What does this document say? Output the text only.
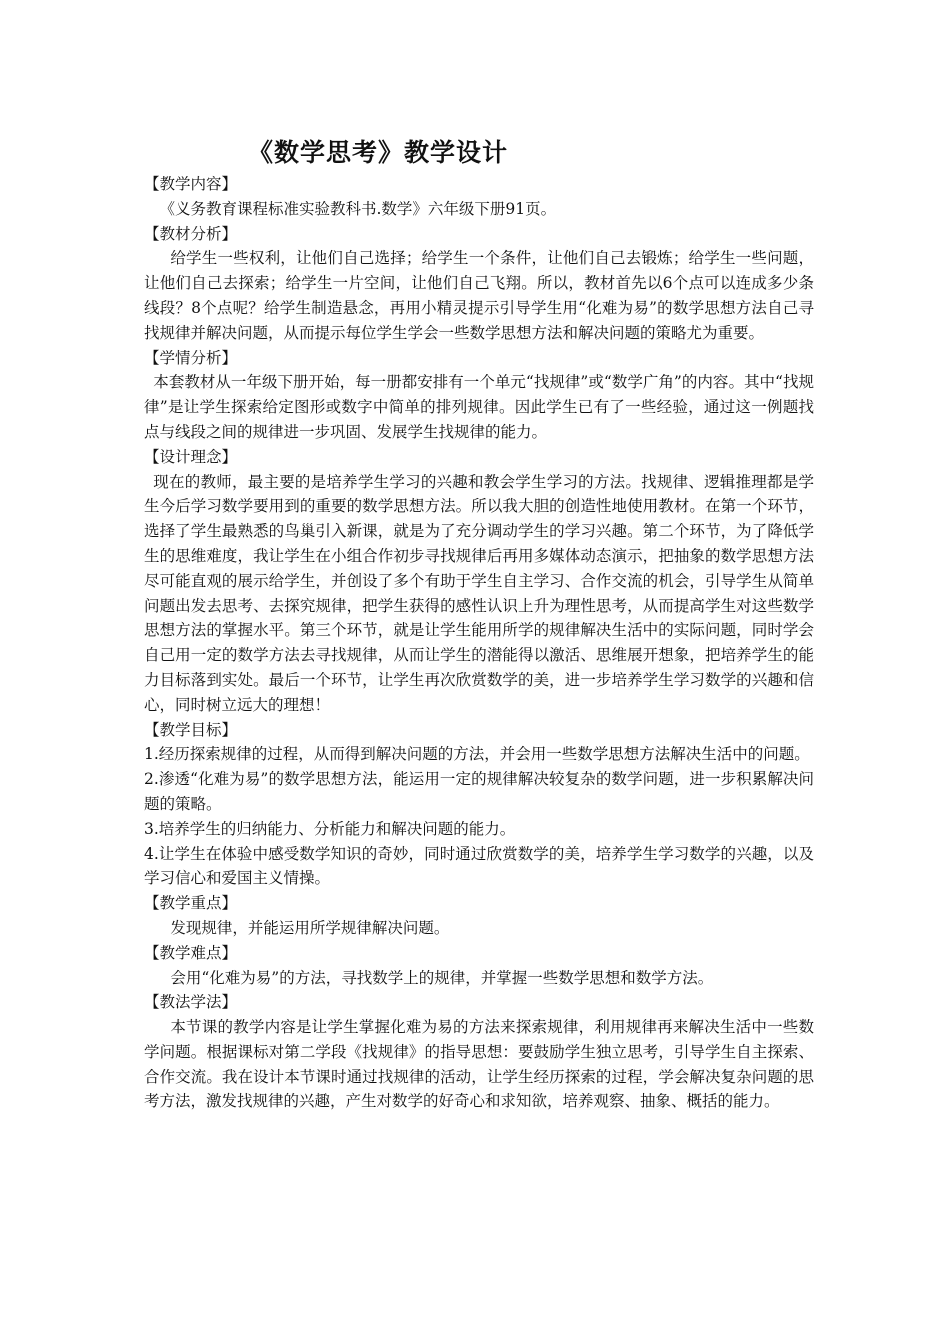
《数学思考》教学设计

【教学内容】

《义务教育课程标准实验教科书.数学》六年级下册91页。

【教材分析】

给学生一些权利，让他们自己选择；给学生一个条件，让他们自己去锻炼；给学生一些问题，让他们自己去探索；给学生一片空间，让他们自己飞翔。所以，教材首先以6个点可以连成多少条线段？8个点呢？给学生制造悬念，再用小精灵提示引导学生用“化难为易”的数学思想方法自己寻找规律并解决问题，从而提示每位学生学会一些数学思想方法和解决问题的策略尤为重要。

【学情分析】

本套教材从一年级下册开始，每一册都安排有一个单元“找规律”或“数学广角”的内容。其中“找规律”是让学生探索给定图形或数字中简单的排列规律。因此学生已有了一些经验，通过这一例题找点与线段之间的规律进一步巩固、发展学生找规律的能力。

【设计理念】

现在的教师，最主要的是培养学生学习的兴趣和教会学生学习的方法。找规律、逻辑推理都是学生今后学习数学要用到的重要的数学思想方法。所以我大胆的创造性地使用教材。在第一个环节，选择了学生最熟悉的鸟巢引入新课，就是为了充分调动学生的学习兴趣。第二个环节，为了降低学生的思维难度，我让学生在小组合作初步寻找规律后再用多媒体动态演示，把抽象的数学思想方法尽可能直观的展示给学生，并创设了多个有助于学生自主学习、合作交流的机会，引导学生从简单问题出发去思考、去探究规律，把学生获得的感性认识上升为理性思考，从而提高学生对这些数学思想方法的掌握水平。第三个环节，就是让学生能用所学的规律解决生活中的实际问题，同时学会自己用一定的数学方法去寻找规律，从而让学生的潜能得以激活、思维展开想象，把培养学生的能力目标落到实处。最后一个环节，让学生再次欣赏数学的美，进一步培养学生学习数学的兴趣和信心，同时树立远大的理想！

【教学目标】

1.经历探索规律的过程，从而得到解决问题的方法，并会用一些数学思想方法解决生活中的问题。

2.渗透“化难为易”的数学思想方法，能运用一定的规律解决较复杂的数学问题，进一步积累解决问题的策略。

3.培养学生的归纳能力、分析能力和解决问题的能力。

4.让学生在体验中感受数学知识的奇妙，同时通过欣赏数学的美，培养学生学习数学的兴趣，以及学习信心和爱国主义情操。

【教学重点】

发现规律，并能运用所学规律解决问题。

【教学难点】

会用“化难为易”的方法，寻找数学上的规律，并掌握一些数学思想和数学方法。

【教法学法】

本节课的教学内容是让学生掌握化难为易的方法来探索规律，利用规律再来解决生活中一些数学问题。根据课标对第二学段《找规律》的指导思想：要鼓励学生独立思考，引导学生自主探索、合作交流。我在设计本节课时通过找规律的活动，让学生经历探索的过程，学会解决复杂问题的思考方法，激发找规律的兴趣，产生对数学的好奇心和求知欲，培养观察、抽象、概括的能力。
